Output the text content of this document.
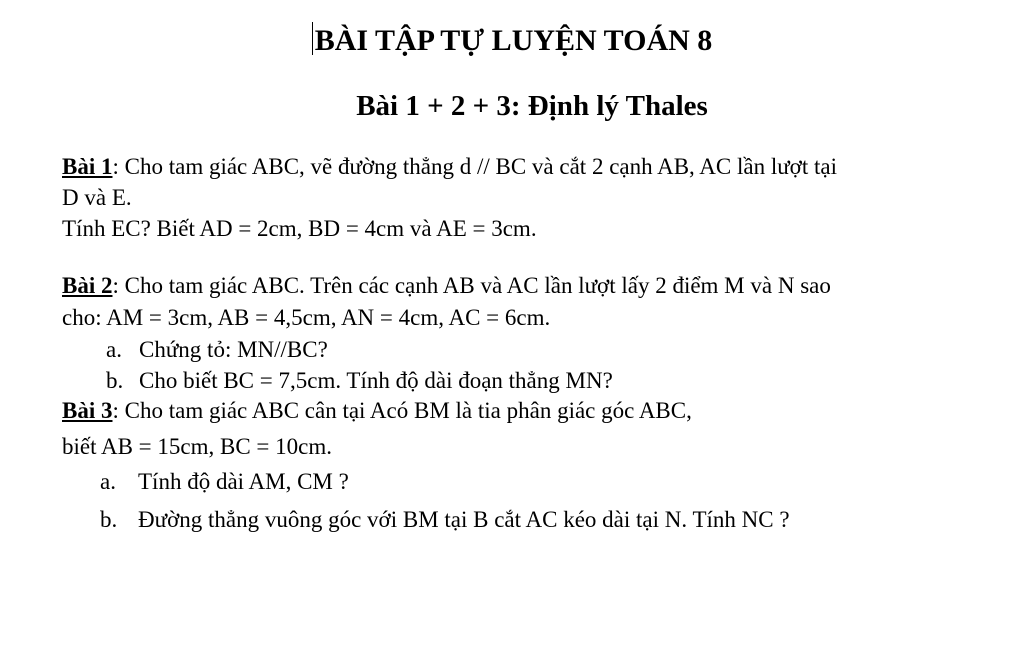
BÀI TẬP TỰ LUYỆN TOÁN 8
Bài 1 + 2 + 3: Định lý Thales
Bài 1: Cho tam giác ABC, vẽ đường thẳng d // BC và cắt 2 cạnh AB, AC lần lượt tại
D và E.
Tính EC? Biết AD = 2cm, BD = 4cm và AE = 3cm.
Bài 2: Cho tam giác ABC. Trên các cạnh AB và AC lần lượt lấy 2 điểm M và N sao
cho: AM = 3cm, AB = 4,5cm, AN = 4cm, AC = 6cm.
a. Chứng tỏ: MN//BC?
b. Cho biết BC = 7,5cm. Tính độ dài đoạn thẳng MN?
Bài 3: Cho tam giác ABC cân tại Acó BM là tia phân giác góc ABC,
biết AB = 15cm, BC = 10cm.
a. Tính độ dài AM, CM ?
b. Đường thẳng vuông góc với BM tại B cắt AC kéo dài tại N. Tính NC ?
